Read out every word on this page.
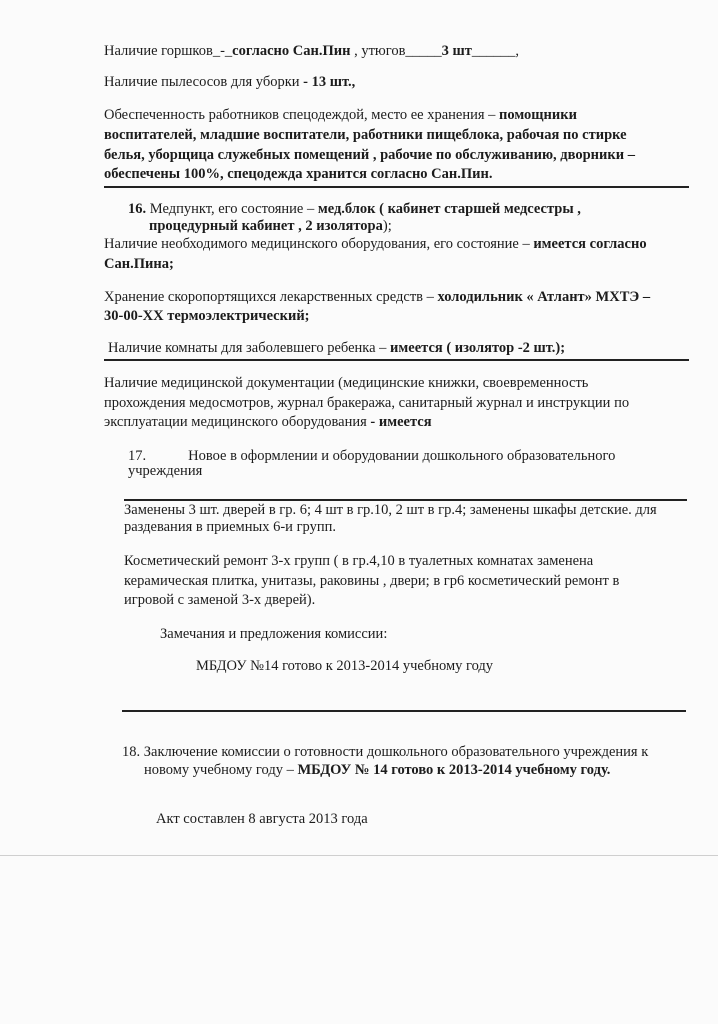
Наличие горшков_-_согласно Сан.Пин , утюгов_____3 шт______,
Наличие пылесосов для уборки - 13 шт.,
Обеспеченность работников спецодеждой, место ее хранения – помощники
воспитателей, младшие воспитатели, работники пищеблока, рабочая по стирке
белья, уборщица служебных помещений , рабочие по обслуживанию, дворники –
обеспечены 100%, спецодежда хранится согласно Сан.Пин.
16. Медпункт, его состояние – мед.блок ( кабинет старшей медсестры ,
процедурный кабинет , 2 изолятора);
Наличие необходимого медицинского оборудования, его состояние – имеется согласно
Сан.Пина;
Хранение скоропортящихся лекарственных средств – холодильник « Атлант» МХТЭ –
30-00-ХХ термоэлектрический;
Наличие комнаты для заболевшего ребенка – имеется ( изолятор -2 шт.);
Наличие медицинской документации (медицинские книжки, своевременность
прохождения медосмотров, журнал бракеража, санитарный журнал и инструкции по
эксплуатации медицинского оборудования - имеется
17.	Новое в оформлении и оборудовании дошкольного образовательного
учреждения
Заменены 3 шт. дверей в гр. 6; 4 шт в гр.10, 2 шт в гр.4; заменены шкафы детские. для
раздевания в приемных 6-и групп.
Косметический ремонт 3-х групп ( в гр.4,10 в туалетных комнатах заменена
керамическая плитка, унитазы, раковины , двери; в гр6 косметический ремонт в
игровой с заменой 3-х дверей).
Замечания и предложения комиссии:
МБДОУ №14 готово к 2013-2014 учебному году
18. Заключение комиссии о готовности дошкольного образовательного учреждения к
новому учебному году – МБДОУ № 14 готово к 2013-2014 учебному году.
Акт составлен 8 августа 2013 года
